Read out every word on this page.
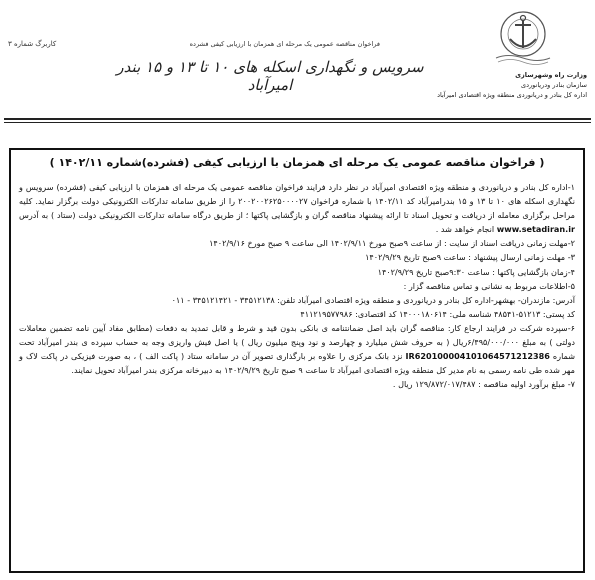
کاربرگ شماره ۳	فراخوان مناقصه عمومی یک مرحله ای همزمان با ارزیابی کیفی فشرده
سرویس و نگهداری اسکله های ۱۰ تا ۱۳ و ۱۵ بندر امیرآباد
وزارت راه وشهرسازی
سازمان بنادر ودریانوردی
اداره کل بنادر و دریانوردی منطقه ویژه اقتصادی امیرآباد
( فراخوان مناقصه عمومی یک مرحله ای همزمان با ارزیابی کیفی (فشرده)شماره ۱۴۰۲/۱۱ )

۱-اداره کل بنادر و دریانوردی و منطقه ویژه اقتصادی امیرآباد در نظر دارد فرایند فراخوان مناقصه عمومی یک مرحله ای همزمان با ارزیابی کیفی (فشرده) سرویس و نگهداری اسکله های ۱۰ تا ۱۳ و ۱۵ بندرامیرآباد کد ۱۴۰۲/۱۱ با شماره فراخوان ۲۰۰۲۰۰۲۶۲۵۰۰۰۰۲۷ را از طریق سامانه تدارکات الکترونیکی دولت برگزار نماید. کلیه مراحل برگزاری معامله از دریافت و تحویل اسناد تا ارائه پیشنهاد مناقصه گران و بازگشایی پاکتها ؛ از طریق درگاه سامانه تدارکات الکترونیکی دولت (ستاد ) به آدرس www.setadiran.ir انجام خواهد شد .

۲-مهلت زمانی دریافت اسناد از سایت : از ساعت ۹صبح مورخ ۱۴۰۲/۹/۱۱ الی ساعت ۹ صبح مورخ ۱۴۰۲/۹/۱۶

۳- مهلت زمانی ارسال پیشنهاد : ساعت ۹صبح تاریخ ۱۴۰۲/۹/۲۹

۴-زمان بازگشایی پاکتها : ساعت ۹:۳۰صبح تاریخ ۱۴۰۲/۹/۲۹

۵-اطلاعات مربوط به نشانی و تماس مناقصه گزار :

آدرس: مازندران- بهشهر-اداره کل بنادر و دریانوردی و منطقه ویژه اقتصادی امیرآباد تلفن: ۳۴۵۱۲۱۳۸ - ۳۴۵۱۲۱۴۲۱ - ۰۱۱

کد پستی: ۵۱۲۱۳-۴۸۵۴۱ شناسه ملی: ۱۴۰۰۰۱۸۰۶۱۴ کد اقتصادی: ۴۱۱۲۱۹۵۷۷۹۸۶

۶-سپرده شرکت در فرایند ارجاع کار: مناقصه گران باید اصل ضمانتنامه ی بانکی بدون قید و شرط و قابل تمدید به دفعات (مطابق مفاد آیین نامه تضمین معاملات دولتی ) به مبلغ ۶/۴۹۵/۰۰۰/۰۰۰ریال ( به حروف شش میلیارد و چهارصد و نود وپنج میلیون ریال ) یا اصل فیش واریزی وجه به حساب سپرده ی بندر امیرآباد تحت شماره IR620100004101064571212386 نزد بانک مرکزی را علاوه بر بارگذاری تصویر آن در سامانه ستاد ( پاکت الف ) ، به صورت فیزیکی در پاکت لاک و مهر شده طی نامه رسمی به نام مدیر کل منطقه ویژه اقتصادی امیرآباد تا ساعت ۹ صبح تاریخ ۱۴۰۲/۹/۲۹ به دبیرخانه مرکزی بندر امیرآباد تحویل نمایند.

۷- مبلغ برآورد اولیه مناقصه : ۱۲۹/۸۷۲/۰۱۷/۴۸۷ ریال .
